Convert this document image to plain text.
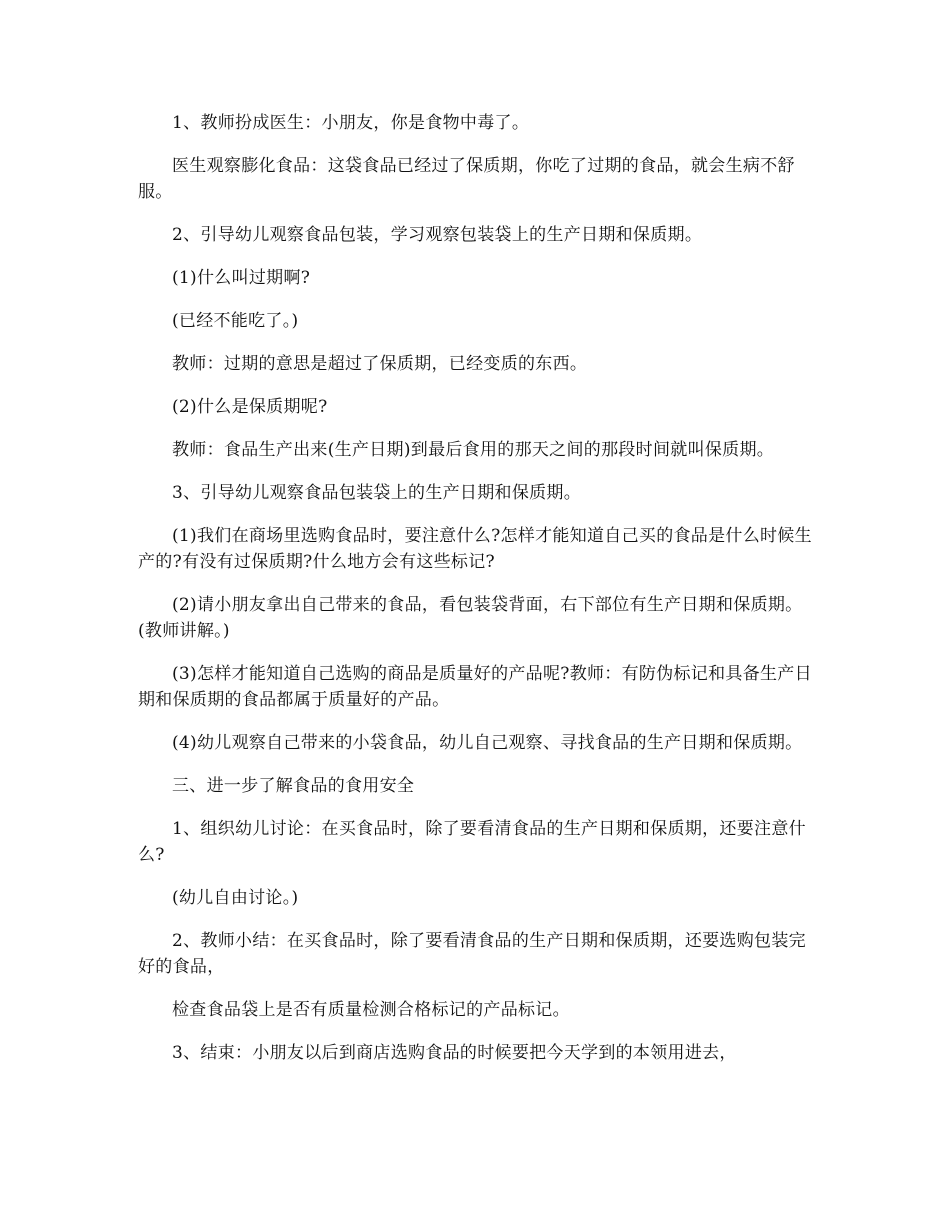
1、教师扮成医生：小朋友，你是食物中毒了。

医生观察膨化食品：这袋食品已经过了保质期，你吃了过期的食品，就会生病不舒服。

2、引导幼儿观察食品包装，学习观察包装袋上的生产日期和保质期。

(1)什么叫过期啊?

(已经不能吃了。)

教师：过期的意思是超过了保质期，已经变质的东西。

(2)什么是保质期呢?

教师：食品生产出来(生产日期)到最后食用的那天之间的那段时间就叫保质期。

3、引导幼儿观察食品包装袋上的生产日期和保质期。

(1)我们在商场里选购食品时，要注意什么?怎样才能知道自己买的食品是什么时候生产的?有没有过保质期?什么地方会有这些标记?

(2)请小朋友拿出自己带来的食品，看包装袋背面，右下部位有生产日期和保质期。(教师讲解。)

(3)怎样才能知道自己选购的商品是质量好的产品呢?教师：有防伪标记和具备生产日期和保质期的食品都属于质量好的产品。

(4)幼儿观察自己带来的小袋食品，幼儿自己观察、寻找食品的生产日期和保质期。

三、进一步了解食品的食用安全

1、组织幼儿讨论：在买食品时，除了要看清食品的生产日期和保质期，还要注意什么?

(幼儿自由讨论。)

2、教师小结：在买食品时，除了要看清食品的生产日期和保质期，还要选购包装完好的食品，

检查食品袋上是否有质量检测合格标记的产品标记。

3、结束：小朋友以后到商店选购食品的时候要把今天学到的本领用进去，
